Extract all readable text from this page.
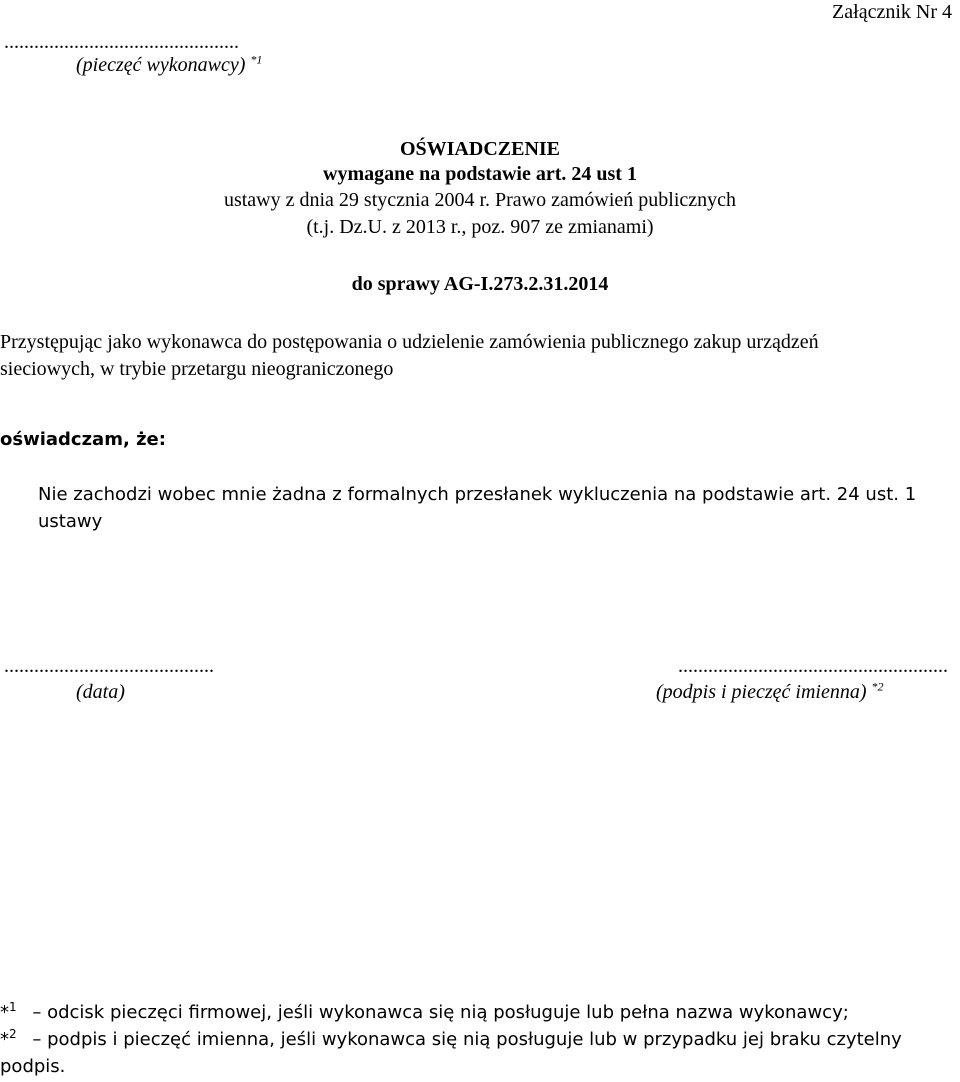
Załącznik Nr 4
...............................................
(pieczęć wykonawcy) $^{*1}$
OŚWIADCZENIE
wymagane na podstawie art. 24 ust 1
ustawy z dnia 29 stycznia 2004 r. Prawo zamówień publicznych
(t.j. Dz.U. z 2013 r., poz. 907 ze zmianami)
do sprawy AG-I.273.2.31.2014
Przystępując jako wykonawca do postępowania o udzielenie zamówienia publicznego zakup urządzeń
sieciowych, w trybie przetargu nieograniczonego
oświadczam, że:
Nie zachodzi wobec mnie żadna z formalnych przesłanek wykluczenia na podstawie art. 24 ust. 1
ustawy
..........................................
(data)
......................................................
(podpis i pieczęć imienna) $^{*2}$
*$^1$ – odcisk pieczęci firmowej, jeśli wykonawca się nią posługuje lub pełna nazwa wykonawcy;
*$^2$ – podpis i pieczęć imienna, jeśli wykonawca się nią posługuje lub w przypadku jej braku czytelny
podpis.
